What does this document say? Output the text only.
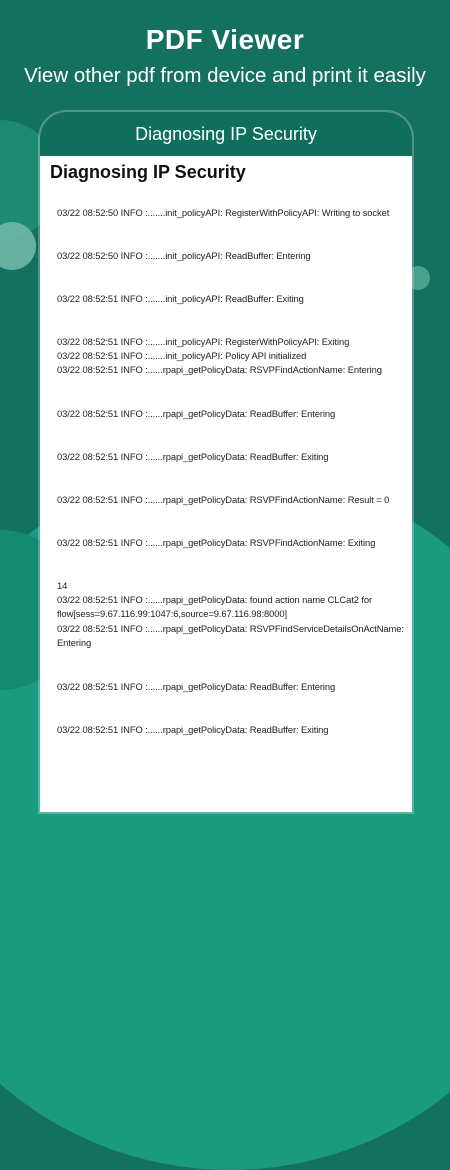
PDF Viewer
View other pdf from device and print it easily
Diagnosing IP Security
Diagnosing IP Security
03/22 08:52:50 INFO :.......init_policyAPI: RegisterWithPolicyAPI: Writing to socket
03/22 08:52:50 INFO :.......init_policyAPI: ReadBuffer: Entering
03/22 08:52:51 INFO :.......init_policyAPI: ReadBuffer: Exiting
03/22 08:52:51 INFO :.......init_policyAPI: RegisterWithPolicyAPI: Exiting
03/22 08:52:51 INFO :.......init_policyAPI: Policy API initialized
03/22 08:52:51 INFO :......rpapi_getPolicyData: RSVPFindActionName: Entering
03/22 08:52:51 INFO :......rpapi_getPolicyData: ReadBuffer: Entering
03/22 08:52:51 INFO :......rpapi_getPolicyData: ReadBuffer: Exiting
03/22 08:52:51 INFO :......rpapi_getPolicyData: RSVPFindActionName: Result = 0
03/22 08:52:51 INFO :......rpapi_getPolicyData: RSVPFindActionName: Exiting
14
03/22 08:52:51 INFO :......rpapi_getPolicyData: found action name CLCat2 for
flow[sess=9.67.116.99:1047:6,source=9.67.116.98:8000]
03/22 08:52:51 INFO :......rpapi_getPolicyData: RSVPFindServiceDetailsOnActName:
Entering
03/22 08:52:51 INFO :......rpapi_getPolicyData: ReadBuffer: Entering
03/22 08:52:51 INFO :......rpapi_getPolicyData: ReadBuffer: Exiting
